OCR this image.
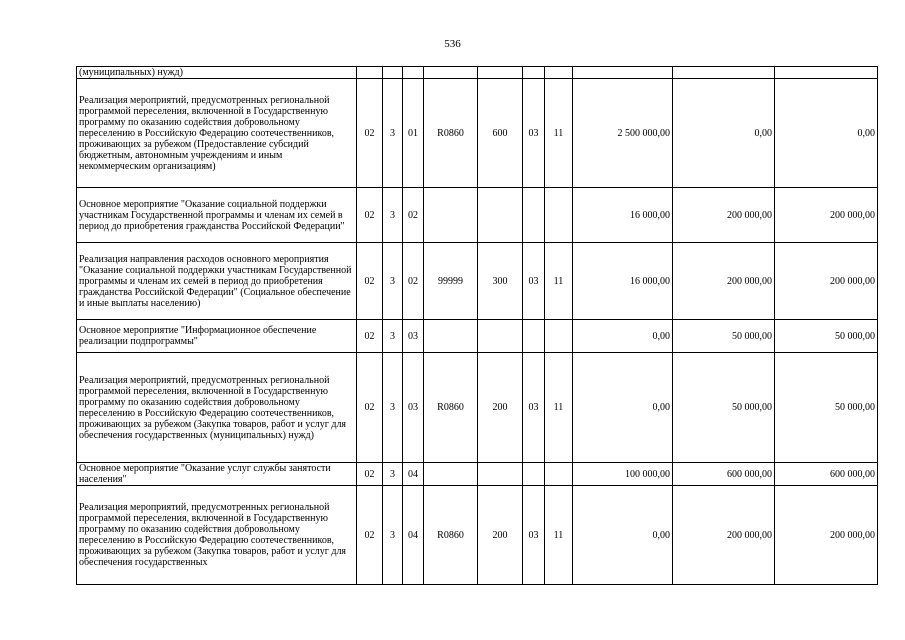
536
(муниципальных) нужд)										
Реализация мероприятий, предусмотренных региональной программой переселения, включенной в Государственную программу по оказанию содействия добровольному переселению в Российскую Федерацию соотечественников, проживающих за рубежом (Предоставление субсидий бюджетным, автономным учреждениям и иным некоммерческим организациям)	02	3	01	R0860	600	03	11	2 500 000,00	0,00	0,00
Основное мероприятие "Оказание социальной поддержки участникам Государственной программы и членам их семей в период до приобретения гражданства Российской Федерации"	02	3	02					16 000,00	200 000,00	200 000,00
Реализация направления расходов основного мероприятия "Оказание социальной поддержки участникам Государственной программы и членам их семей в период до приобретения гражданства Российской Федерации" (Социальное обеспечение и иные выплаты населению)	02	3	02	99999	300	03	11	16 000,00	200 000,00	200 000,00
Основное мероприятие "Информационное обеспечение реализации подпрограммы"	02	3	03					0,00	50 000,00	50 000,00
Реализация мероприятий, предусмотренных региональной программой переселения, включенной в Государственную программу по оказанию содействия добровольному переселению в Российскую Федерацию соотечественников, проживающих за рубежом (Закупка товаров, работ и услуг для обеспечения государственных (муниципальных) нужд)	02	3	03	R0860	200	03	11	0,00	50 000,00	50 000,00
Основное мероприятие "Оказание услуг службы занятости населения"	02	3	04					100 000,00	600 000,00	600 000,00
Реализация мероприятий, предусмотренных региональной программой переселения, включенной в Государственную программу по оказанию содействия добровольному переселению в Российскую Федерацию соотечественников, проживающих за рубежом (Закупка товаров, работ и услуг для обеспечения государственных	02	3	04	R0860	200	03	11	0,00	200 000,00	200 000,00
